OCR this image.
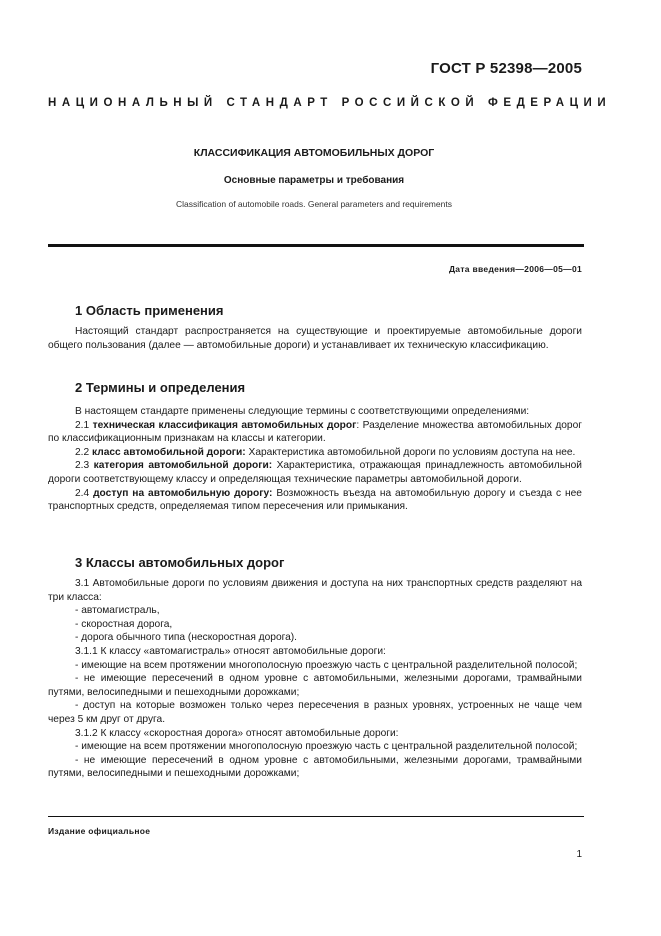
ГОСТ Р 52398—2005
НАЦИОНАЛЬНЫЙ СТАНДАРТ РОССИЙСКОЙ ФЕДЕРАЦИИ
КЛАССИФИКАЦИЯ АВТОМОБИЛЬНЫХ ДОРОГ
Основные параметры и требования
Classification of automobile roads. General parameters and requirements
Дата введения—2006—05—01
1 Область применения
Настоящий стандарт распространяется на существующие и проектируемые автомобильные дороги общего пользования (далее — автомобильные дороги) и устанавливает их техническую классификацию.
2 Термины и определения

В настоящем стандарте применены следующие термины с соответствующими определениями:

2.1 техническая классификация автомобильных дорог: Разделение множества автомобильных дорог по классификационным признакам на классы и категории.

2.2 класс автомобильной дороги: Характеристика автомобильной дороги по условиям доступа на нее.

2.3 категория автомобильной дороги: Характеристика, отражающая принадлежность автомобильной дороги соответствующему классу и определяющая технические параметры автомобильной дороги.

2.4 доступ на автомобильную дорогу: Возможность въезда на автомобильную дорогу и съезда с нее транспортных средств, определяемая типом пересечения или примыкания.

3 Классы автомобильных дорог

3.1 Автомобильные дороги по условиям движения и доступа на них транспортных средств разделяют на три класса:

- автомагистраль,

- скоростная дорога,

- дорога обычного типа (нескоростная дорога).

3.1.1 К классу «автомагистраль» относят автомобильные дороги:

- имеющие на всем протяжении многополосную проезжую часть с центральной разделительной полосой;

- не имеющие пересечений в одном уровне с автомобильными, железными дорогами, трамвайными путями, велосипедными и пешеходными дорожками;

- доступ на которые возможен только через пересечения в разных уровнях, устроенных не чаще чем через 5 км друг от друга.

3.1.2 К классу «скоростная дорога» относят автомобильные дороги:

- имеющие на всем протяжении многополосную проезжую часть с центральной разделительной полосой;

- не имеющие пересечений в одном уровне с автомобильными, железными дорогами, трамвайными путями, велосипедными и пешеходными дорожками;

Издание официальное
1
